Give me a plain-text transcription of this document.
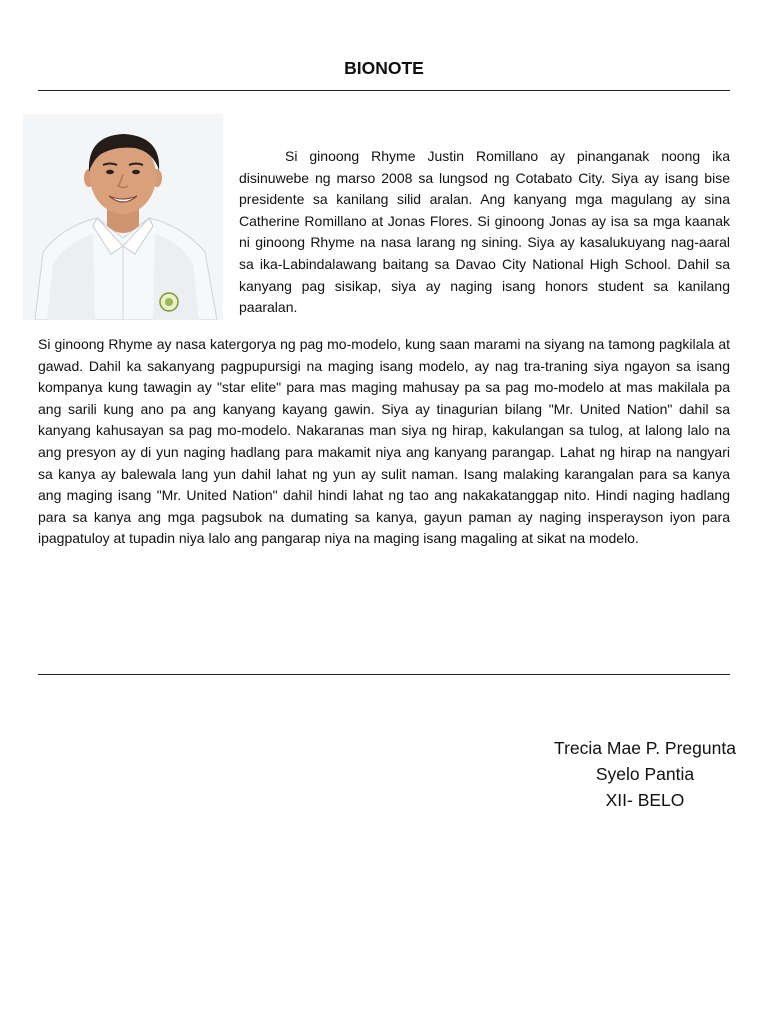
BIONOTE

Si ginoong Rhyme Justin Romillano ay pinanganak noong ika disinuwebe ng marso 2008 sa lungsod ng Cotabato City. Siya ay isang bise presidente sa kanilang silid aralan. Ang kanyang mga magulang ay sina Catherine Romillano at Jonas Flores. Si ginoong Jonas ay isa sa mga kaanak ni ginoong Rhyme na nasa larang ng sining. Siya ay kasalukuyang nag-aaral sa ika-Labindalawang baitang sa Davao City National High School. Dahil sa kanyang pag sisikap, siya ay naging isang honors student sa kanilang paaralan.

Si ginoong Rhyme ay nasa katergorya ng pag mo-modelo, kung saan marami na siyang na tamong pagkilala at gawad. Dahil ka sakanyang pagpupursigi na maging isang modelo, ay nag tra-traning siya ngayon sa isang kompanya kung tawagin ay "star elite" para mas maging mahusay pa sa pag mo-modelo at mas makilala pa ang sarili kung ano pa ang kanyang kayang gawin. Siya ay tinagurian bilang "Mr. United Nation" dahil sa kanyang kahusayan sa pag mo-modelo. Nakaranas man siya ng hirap, kakulangan sa tulog, at lalong lalo na ang presyon ay di yun naging hadlang para makamit niya ang kanyang parangap. Lahat ng hirap na nangyari sa kanya ay balewala lang yun dahil lahat ng yun ay sulit naman. Isang malaking karangalan para sa kanya ang maging isang "Mr. United Nation" dahil hindi lahat ng tao ang nakakatanggap nito. Hindi naging hadlang para sa kanya ang mga pagsubok na dumating sa kanya, gayun paman ay naging insperayson iyon para ipagpatuloy at tupadin niya lalo ang pangarap niya na maging isang magaling at sikat na modelo.

Trecia Mae P. Pregunta
Syelo Pantia
XII- BELO
